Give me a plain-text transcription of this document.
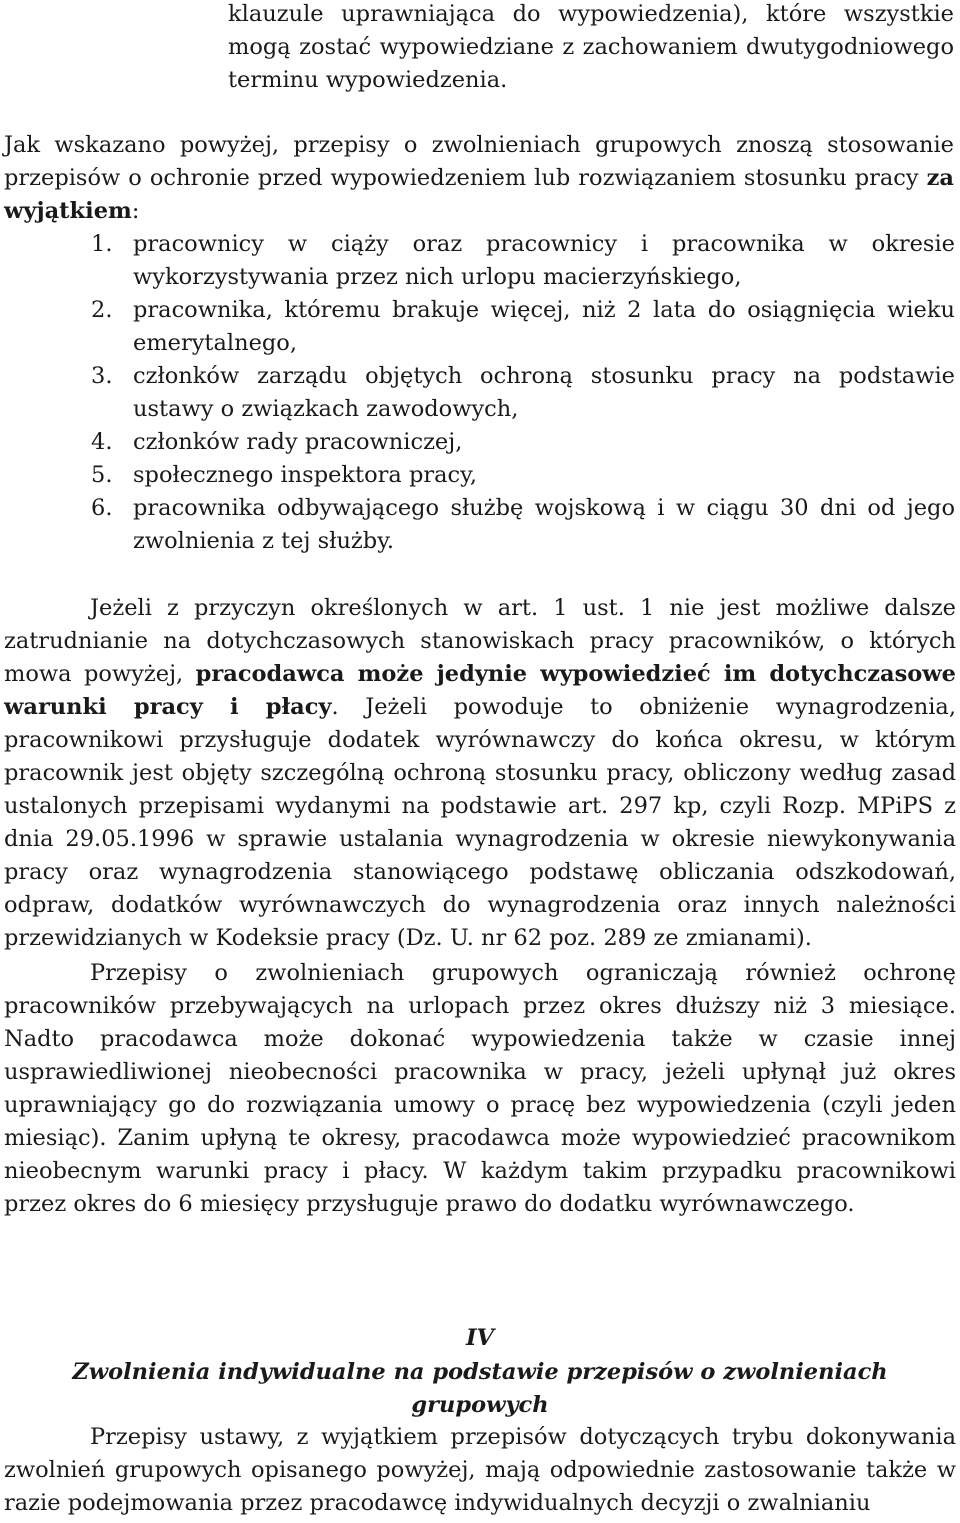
klauzule uprawniająca do wypowiedzenia), które wszystkie mogą zostać wypowiedziane z zachowaniem dwutygodniowego terminu wypowiedzenia.

Jak wskazano powyżej, przepisy o zwolnieniach grupowych znoszą stosowanie przepisów o ochronie przed wypowiedzeniem lub rozwiązaniem stosunku pracy za wyjątkiem:

1. pracownicy w ciąży oraz pracownicy i pracownika w okresie wykorzystywania przez nich urlopu macierzyńskiego,
2. pracownika, któremu brakuje więcej, niż 2 lata do osiągnięcia wieku emerytalnego,
3. członków zarządu objętych ochroną stosunku pracy na podstawie ustawy o związkach zawodowych,
4. członków rady pracowniczej,
5. społecznego inspektora pracy,
6. pracownika odbywającego służbę wojskową i w ciągu 30 dni od jego zwolnienia z tej służby.

Jeżeli z przyczyn określonych w art. 1 ust. 1 nie jest możliwe dalsze zatrudnianie na dotychczasowych stanowiskach pracy pracowników, o których mowa powyżej, pracodawca może jedynie wypowiedzieć im dotychczasowe warunki pracy i płacy. Jeżeli powoduje to obniżenie wynagrodzenia, pracownikowi przysługuje dodatek wyrównawczy do końca okresu, w którym pracownik jest objęty szczególną ochroną stosunku pracy, obliczony według zasad ustalonych przepisami wydanymi na podstawie art. 297 kp, czyli Rozp. MPiPS z dnia 29.05.1996 w sprawie ustalania wynagrodzenia w okresie niewykonywania pracy oraz wynagrodzenia stanowiącego podstawę obliczania odszkodowań, odpraw, dodatków wyrównawczych do wynagrodzenia oraz innych należności przewidzianych w Kodeksie pracy (Dz. U. nr 62 poz. 289 ze zmianami).

Przepisy o zwolnieniach grupowych ograniczają również ochronę pracowników przebywających na urlopach przez okres dłuższy niż 3 miesiące. Nadto pracodawca może dokonać wypowiedzenia także w czasie innej usprawiedliwionej nieobecności pracownika w pracy, jeżeli upłynął już okres uprawniający go do rozwiązania umowy o pracę bez wypowiedzenia (czyli jeden miesiąc). Zanim upłyną te okresy, pracodawca może wypowiedzieć pracownikom nieobecnym warunki pracy i płacy. W każdym takim przypadku pracownikowi przez okres do 6 miesięcy przysługuje prawo do dodatku wyrównawczego.

IV
Zwolnienia indywidualne na podstawie przepisów o zwolnieniach grupowych

Przepisy ustawy, z wyjątkiem przepisów dotyczących trybu dokonywania zwolnień grupowych opisanego powyżej, mają odpowiednie zastosowanie także w razie podejmowania przez pracodawcę indywidualnych decyzji o zwalnianiu
